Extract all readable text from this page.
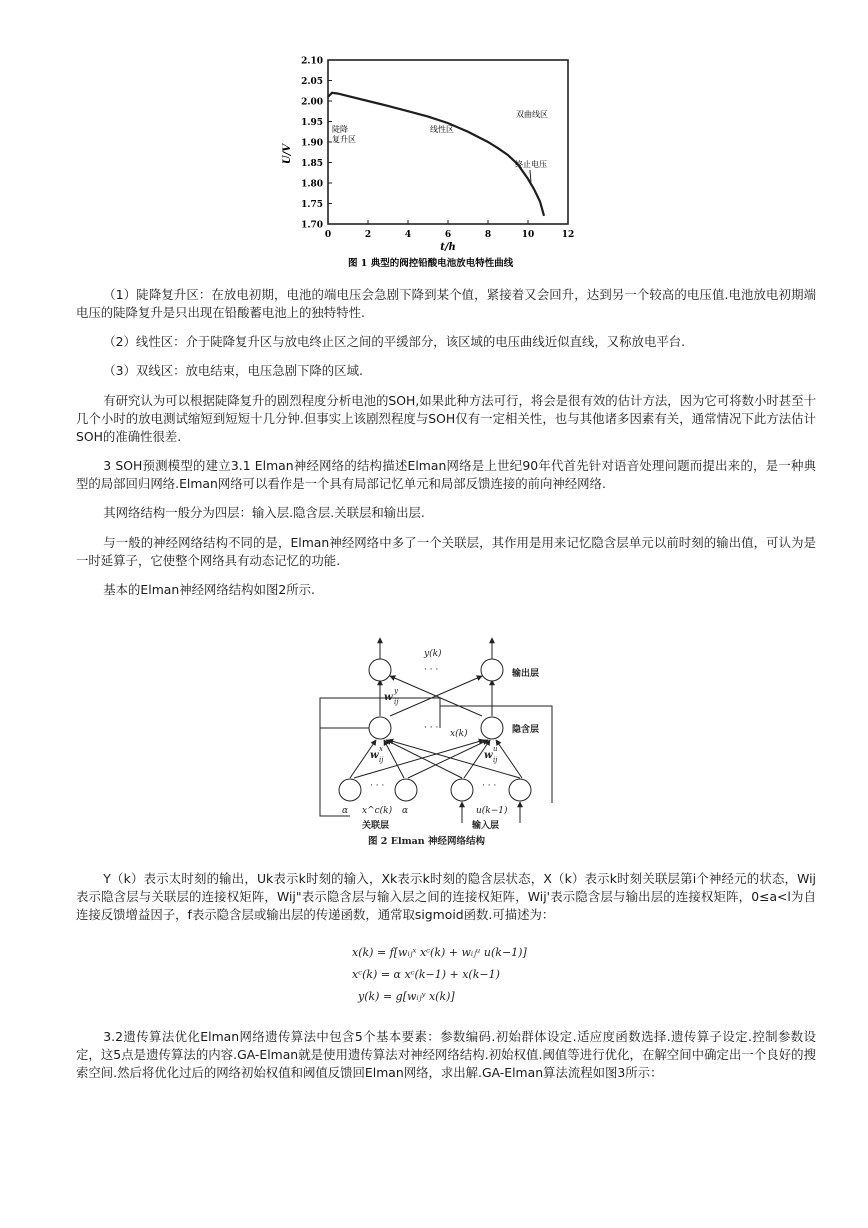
2.10
2.05
2.00
1.95
1.90
1.85
1.80
1.75
1.70
0	2	4	6	8	10	12
U/V
t/h
陡降
复升区
线性区
双曲线区
终止电压
图 1 典型的阀控铅酸电池放电特性曲线

（1）陡降复升区：在放电初期，电池的端电压会急剧下降到某个值，紧接着又会回升，达到另一个较高的电压值.电池放电初期端电压的陡降复升是只出现在铅酸蓄电池上的独特特性.

（2）线性区：介于陡降复升区与放电终止区之间的平缓部分，该区域的电压曲线近似直线，又称放电平台.

（3）双线区：放电结束，电压急剧下降的区域.

有研究认为可以根据陡降复升的剧烈程度分析电池的SOH,如果此种方法可行，将会是很有效的估计方法，因为它可将数小时甚至十几个小时的放电测试缩短到短短十几分钟.但事实上该剧烈程度与SOH仅有一定相关性，也与其他诸多因素有关，通常情况下此方法估计SOH的准确性很差.

3 SOH预测模型的建立3.1 Elman神经网络的结构描述Elman网络是上世纪90年代首先针对语音处理问题而提出来的，是一种典型的局部回归网络.Elman网络可以看作是一个具有局部记忆单元和局部反馈连接的前向神经网络.

其网络结构一般分为四层：输入层.隐含层.关联层和输出层.

与一般的神经网络结构不同的是，Elman神经网络中多了一个关联层，其作用是用来记忆隐含层单元以前时刻的输出值，可认为是一时延算子，它使整个网络具有动态记忆的功能.

基本的Elman神经网络结构如图2所示.

y(k)
· · ·	输出层
· · ·
x(k)	隐含层
w
y
ij
w
x
ij	w
u
ij
· · ·	· · ·
α x^c(k) α	u(k−1)
关联层	输入层
图 2 Elman 神经网络结构

Y（k）表示太时刻的输出，Uk表示k时刻的输入，Xk表示k时刻的隐含层状态，X（k）表示k时刻关联层第i个神经元的状态，Wij表示隐含层与关联层的连接权矩阵，Wij"表示隐含层与输入层之间的连接权矩阵，Wij'表示隐含层与输出层的连接权矩阵，0≤a<l为自连接反馈增益因子，f表示隐含层或输出层的传递函数，通常取sigmoid函数.可描述为：

x(k) = f[wᵢⱼˣ xᶜ(k) + wᵢⱼᵘ u(k−1)]
xᶜ(k) = α xᶜ(k−1) + x(k−1)
y(k) = g[wᵢⱼʸ x(k)]

3.2遗传算法优化Elman网络遗传算法中包含5个基本要素：参数编码.初始群体设定.适应度函数选择.遗传算子设定.控制参数设定，这5点是遗传算法的内容.GA-Elman就是使用遗传算法对神经网络结构.初始权值.阈值等进行优化，在解空间中确定出一个良好的搜索空间.然后将优化过后的网络初始权值和阈值反馈回Elman网络，求出解.GA-Elman算法流程如图3所示：
